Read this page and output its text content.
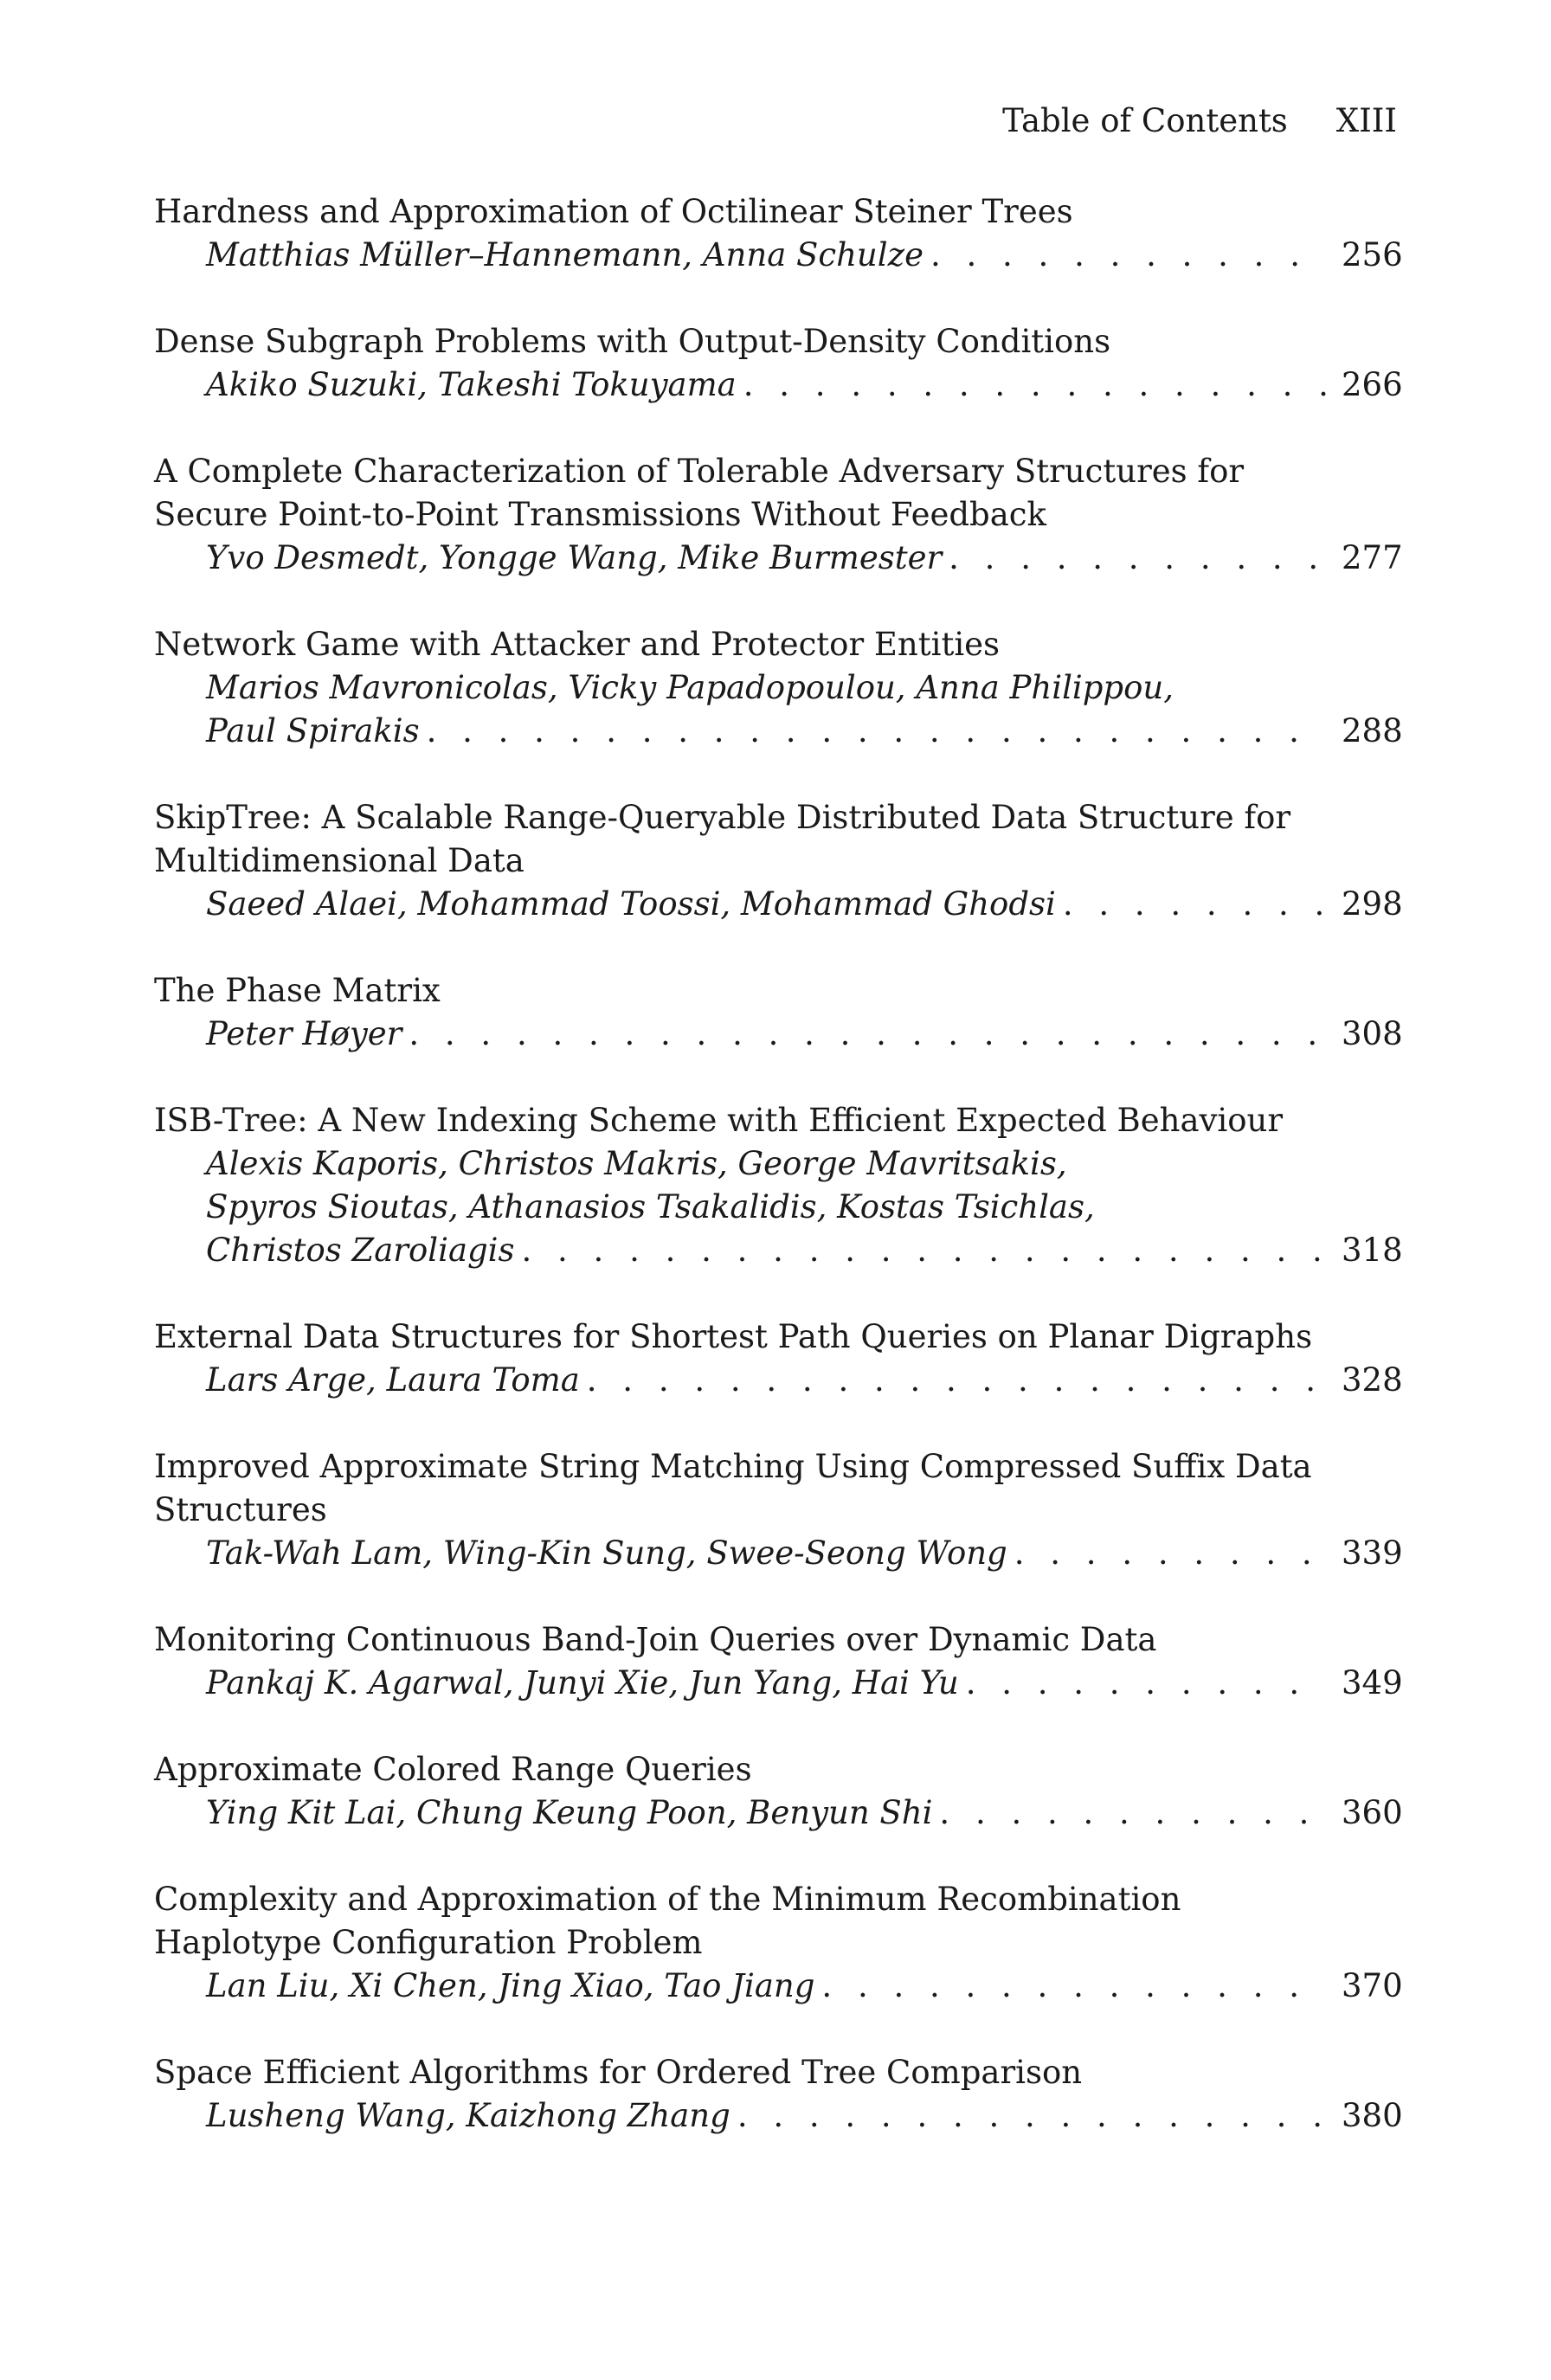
Table of Contents XIII
Hardness and Approximation of Octilinear Steiner Trees
Matthias Müller–Hannemann, Anna Schulze . . .	256
Dense Subgraph Problems with Output-Density Conditions
Akiko Suzuki, Takeshi Tokuyama . . .	266
A Complete Characterization of Tolerable Adversary Structures for
Secure Point-to-Point Transmissions Without Feedback
Yvo Desmedt, Yongge Wang, Mike Burmester . . .	277
Network Game with Attacker and Protector Entities
Marios Mavronicolas, Vicky Papadopoulou, Anna Philippou,
Paul Spirakis . . .	288
SkipTree: A Scalable Range-Queryable Distributed Data Structure for
Multidimensional Data
Saeed Alaei, Mohammad Toossi, Mohammad Ghodsi . . .	298
The Phase Matrix
Peter Høyer . . .	308
ISB-Tree: A New Indexing Scheme with Efficient Expected Behaviour
Alexis Kaporis, Christos Makris, George Mavritsakis,
Spyros Sioutas, Athanasios Tsakalidis, Kostas Tsichlas,
Christos Zaroliagis . . .	318
External Data Structures for Shortest Path Queries on Planar Digraphs
Lars Arge, Laura Toma . . .	328
Improved Approximate String Matching Using Compressed Suffix Data
Structures
Tak-Wah Lam, Wing-Kin Sung, Swee-Seong Wong . . .	339
Monitoring Continuous Band-Join Queries over Dynamic Data
Pankaj K. Agarwal, Junyi Xie, Jun Yang, Hai Yu . . .	349
Approximate Colored Range Queries
Ying Kit Lai, Chung Keung Poon, Benyun Shi . . .	360
Complexity and Approximation of the Minimum Recombination
Haplotype Configuration Problem
Lan Liu, Xi Chen, Jing Xiao, Tao Jiang . . .	370
Space Efficient Algorithms for Ordered Tree Comparison
Lusheng Wang, Kaizhong Zhang . . .	380
